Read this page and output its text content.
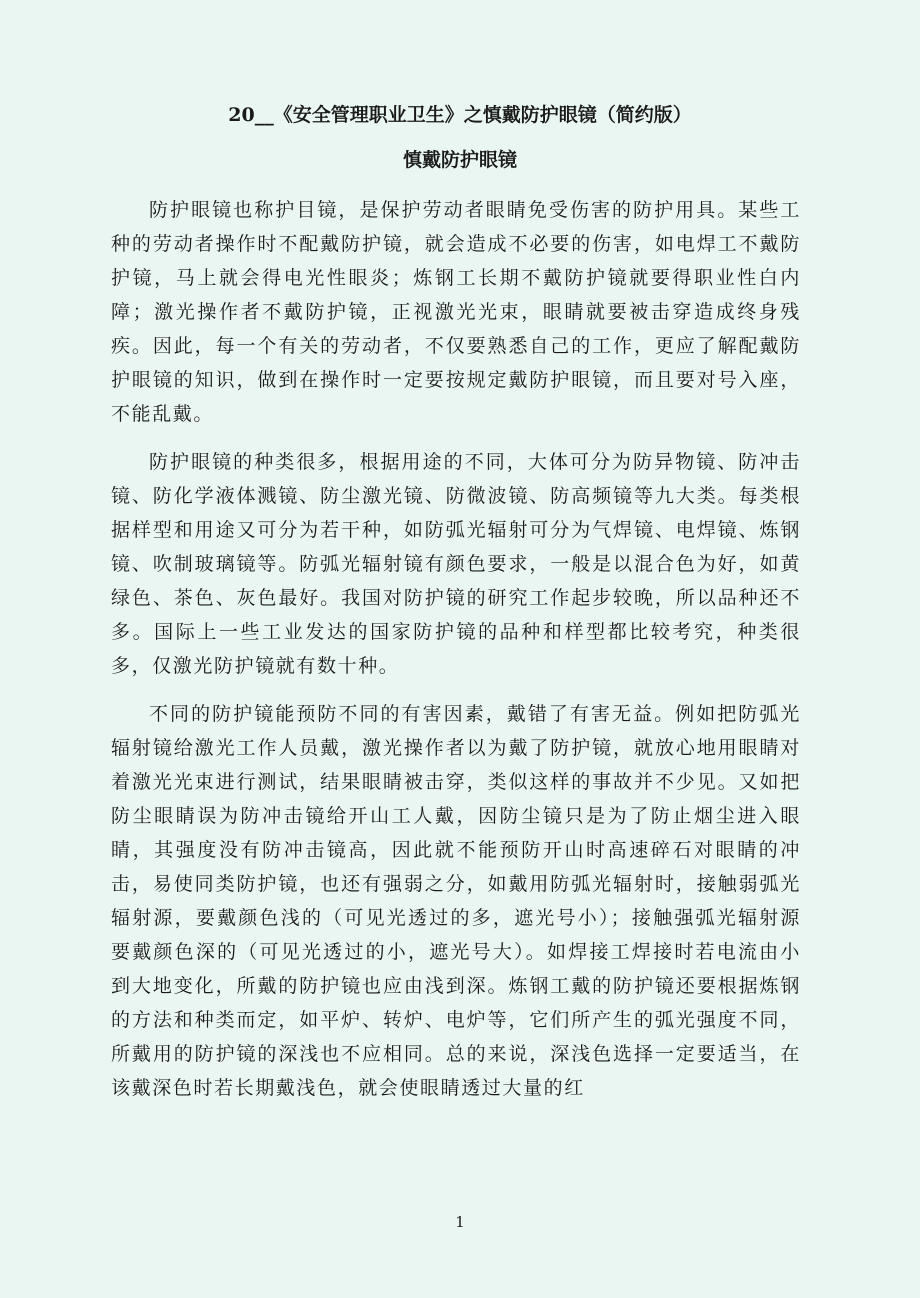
20__《安全管理职业卫生》之慎戴防护眼镜（简约版）
慎戴防护眼镜

防护眼镜也称护目镜，是保护劳动者眼睛免受伤害的防护用具。某些工种的劳动者操作时不配戴防护镜，就会造成不必要的伤害，如电焊工不戴防护镜，马上就会得电光性眼炎；炼钢工长期不戴防护镜就要得职业性白内障；激光操作者不戴防护镜，正视激光光束，眼睛就要被击穿造成终身残疾。因此，每一个有关的劳动者，不仅要熟悉自己的工作，更应了解配戴防护眼镜的知识，做到在操作时一定要按规定戴防护眼镜，而且要对号入座，不能乱戴。

防护眼镜的种类很多，根据用途的不同，大体可分为防异物镜、防冲击镜、防化学液体溅镜、防尘激光镜、防微波镜、防高频镜等九大类。每类根据样型和用途又可分为若干种，如防弧光辐射可分为气焊镜、电焊镜、炼钢镜、吹制玻璃镜等。防弧光辐射镜有颜色要求，一般是以混合色为好，如黄绿色、茶色、灰色最好。我国对防护镜的研究工作起步较晚，所以品种还不多。国际上一些工业发达的国家防护镜的品种和样型都比较考究，种类很多，仅激光防护镜就有数十种。

不同的防护镜能预防不同的有害因素，戴错了有害无益。例如把防弧光辐射镜给激光工作人员戴，激光操作者以为戴了防护镜，就放心地用眼睛对着激光光束进行测试，结果眼睛被击穿，类似这样的事故并不少见。又如把防尘眼睛误为防冲击镜给开山工人戴，因防尘镜只是为了防止烟尘进入眼睛，其强度没有防冲击镜高，因此就不能预防开山时高速碎石对眼睛的冲击，易使同类防护镜，也还有强弱之分，如戴用防弧光辐射时，接触弱弧光辐射源，要戴颜色浅的（可见光透过的多，遮光号小）；接触强弧光辐射源要戴颜色深的（可见光透过的小，遮光号大）。如焊接工焊接时若电流由小到大地变化，所戴的防护镜也应由浅到深。炼钢工戴的防护镜还要根据炼钢的方法和种类而定，如平炉、转炉、电炉等，它们所产生的弧光强度不同，所戴用的防护镜的深浅也不应相同。总的来说，深浅色选择一定要适当，在该戴深色时若长期戴浅色，就会使眼睛透过大量的红

1
